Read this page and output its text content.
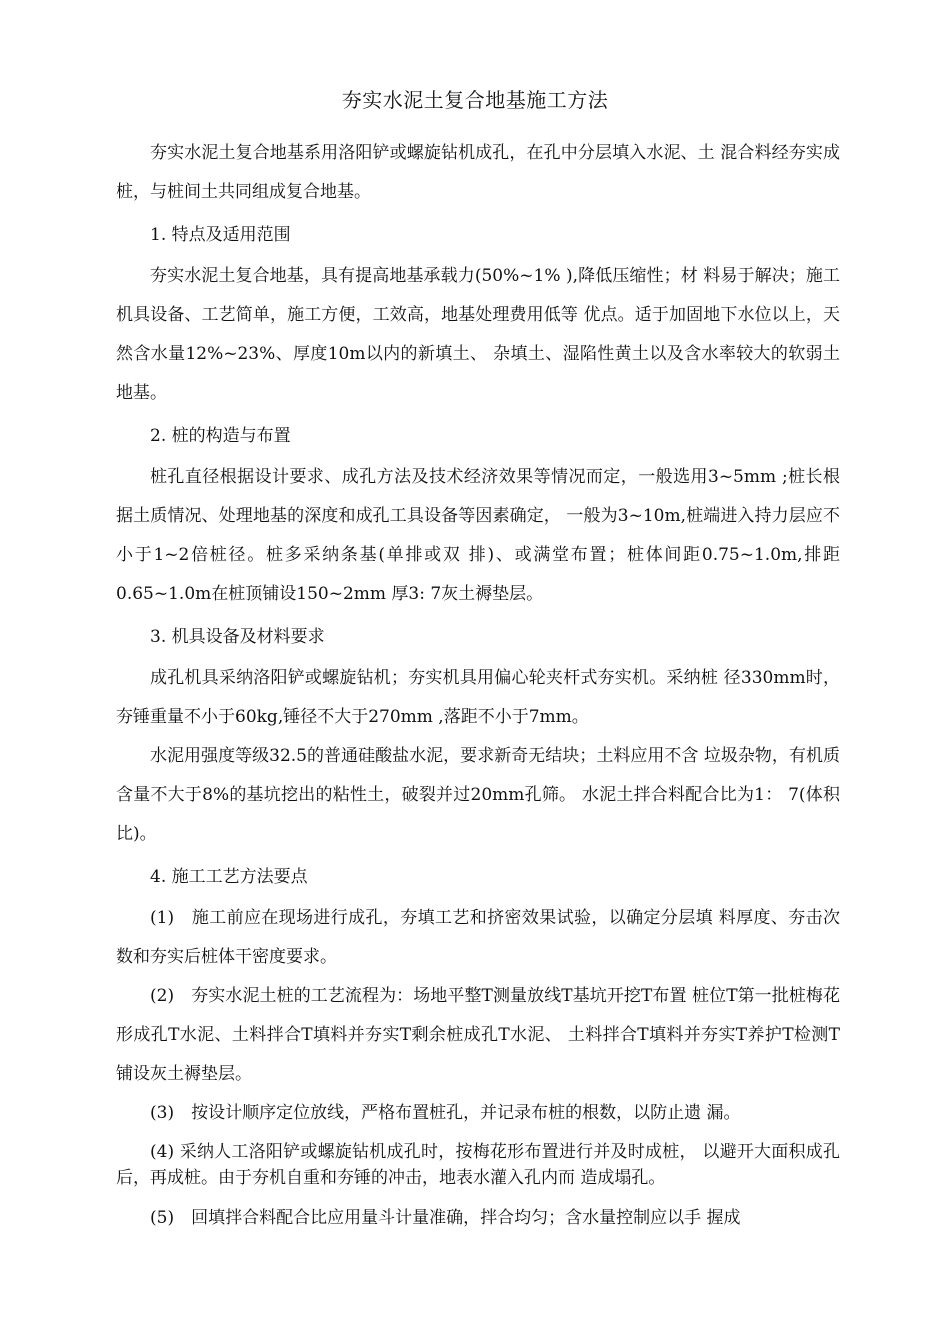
夯实水泥土复合地基施工方法

夯实水泥土复合地基系用洛阳铲或螺旋钻机成孔，在孔中分层填入水泥、土 混合料经夯实成桩，与桩间土共同组成复合地基。

1. 特点及适用范围

夯实水泥土复合地基，具有提高地基承载力(50%~1% ),降低压缩性；材 料易于解决；施工机具设备、工艺简单，施工方便，工效高，地基处理费用低等 优点。适于加固地下水位以上，天然含水量12%~23%、厚度10m以内的新填土、 杂填土、湿陷性黄土以及含水率较大的软弱土地基。

2. 桩的构造与布置

桩孔直径根据设计要求、成孔方法及技术经济效果等情况而定，一般选用3~5mm ;桩长根据土质情况、处理地基的深度和成孔工具设备等因素确定， 一般为3~10m,桩端进入持力层应不小于1~2倍桩径。桩多采纳条基(单排或双 排)、或满堂布置；桩体间距0.75~1.0m,排距0.65~1.0m在桩顶铺设150~2mm 厚3: 7灰土褥垫层。

3. 机具设备及材料要求

成孔机具采纳洛阳铲或螺旋钻机；夯实机具用偏心轮夹杆式夯实机。采纳桩 径330mm时，夯锤重量不小于60kg,锤径不大于270mm ,落距不小于7mm。

水泥用强度等级32.5的普通硅酸盐水泥，要求新奇无结块；土料应用不含 垃圾杂物，有机质含量不大于8%的基坑挖出的粘性土，破裂并过20mm孔筛。 水泥土拌合料配合比为1： 7(体积比)。

4. 施工工艺方法要点

(1)　施工前应在现场进行成孔，夯填工艺和挤密效果试验，以确定分层填 料厚度、夯击次数和夯实后桩体干密度要求。

(2)　夯实水泥土桩的工艺流程为：场地平整T测量放线T基坑开挖T布置 桩位T第一批桩梅花形成孔T水泥、土料拌合T填料并夯实T剩余桩成孔T水泥、 土料拌合T填料并夯实T养护T检测T铺设灰土褥垫层。

(3)　按设计顺序定位放线，严格布置桩孔，并记录布桩的根数，以防止遗 漏。

(4) 采纳人工洛阳铲或螺旋钻机成孔时，按梅花形布置进行并及时成桩， 以避开大面积成孔后，再成桩。由于夯机自重和夯锤的冲击，地表水灌入孔内而 造成塌孔。

(5)　回填拌合料配合比应用量斗计量准确，拌合均匀；含水量控制应以手 握成
